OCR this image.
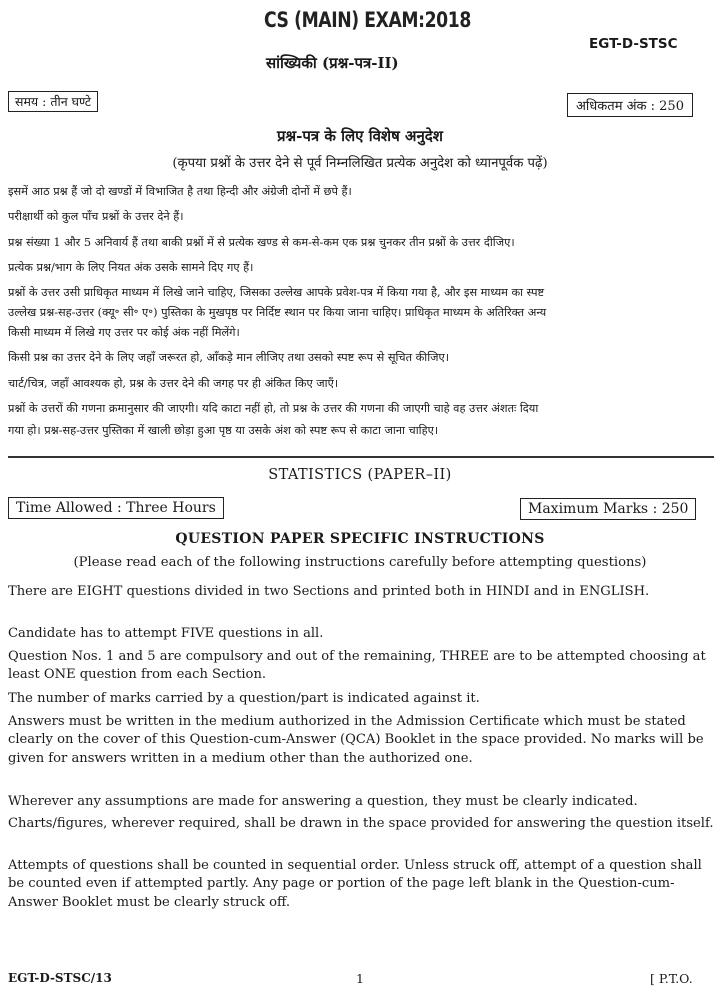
CS (MAIN) EXAM:2018
EGT-D-STSC
सांख्यिकी (प्रश्न-पत्र-II)
समय : तीन घण्टे	अधिकतम अंक : 250
प्रश्न-पत्र के लिए विशेष अनुदेश
(कृपया प्रश्नों के उत्तर देने से पूर्व निम्नलिखित प्रत्येक अनुदेश को ध्यानपूर्वक पढ़ें)
इसमें आठ प्रश्न हैं जो दो खण्डों में विभाजित है तथा हिन्दी और अंग्रेजी दोनों में छपे हैं।
परीक्षार्थी को कुल पाँच प्रश्नों के उत्तर देने हैं।
प्रश्न संख्या 1 और 5 अनिवार्य हैं तथा बाकी प्रश्नों में से प्रत्येक खण्ड से कम-से-कम एक प्रश्न चुनकर तीन प्रश्नों के उत्तर दीजिए।
प्रत्येक प्रश्न/भाग के लिए नियत अंक उसके सामने दिए गए हैं।
प्रश्नों के उत्तर उसी प्राधिकृत माध्यम में लिखे जाने चाहिए, जिसका उल्लेख आपके प्रवेश-पत्र में किया गया है, और इस माध्यम का स्पष्ट
उल्लेख प्रश्न-सह-उत्तर (क्यू॰ सी॰ ए॰) पुस्तिका के मुखपृष्ठ पर निर्दिष्ट स्थान पर किया जाना चाहिए। प्राधिकृत माध्यम के अतिरिक्त अन्य
किसी माध्यम में लिखे गए उत्तर पर कोई अंक नहीं मिलेंगे।
किसी प्रश्न का उत्तर देने के लिए जहाँ जरूरत हो, आँकड़े मान लीजिए तथा उसको स्पष्ट रूप से सूचित कीजिए।
चार्ट/चित्र, जहाँ आवश्यक हो, प्रश्न के उत्तर देने की जगह पर ही अंकित किए जाएँ।
प्रश्नों के उत्तरों की गणना क्रमानुसार की जाएगी। यदि काटा नहीं हो, तो प्रश्न के उत्तर की गणना की जाएगी चाहे वह उत्तर अंशतः दिया
गया हो। प्रश्न-सह-उत्तर पुस्तिका में खाली छोड़ा हुआ पृष्ठ या उसके अंश को स्पष्ट रूप से काटा जाना चाहिए।
STATISTICS (PAPER–II)
Time Allowed : Three Hours	Maximum Marks : 250
QUESTION PAPER SPECIFIC INSTRUCTIONS
(Please read each of the following instructions carefully before attempting questions)
There are EIGHT questions divided in two Sections and printed both in HINDI and in ENGLISH.
Candidate has to attempt FIVE questions in all.
Question Nos. 1 and 5 are compulsory and out of the remaining, THREE are to be attempted choosing at least ONE question from each Section.
The number of marks carried by a question/part is indicated against it.
Answers must be written in the medium authorized in the Admission Certificate which must be stated clearly on the cover of this Question-cum-Answer (QCA) Booklet in the space provided. No marks will be given for answers written in a medium other than the authorized one.
Wherever any assumptions are made for answering a question, they must be clearly indicated.
Charts/figures, wherever required, shall be drawn in the space provided for answering the question itself.
Attempts of questions shall be counted in sequential order. Unless struck off, attempt of a question shall be counted even if attempted partly. Any page or portion of the page left blank in the Question-cum-Answer Booklet must be clearly struck off.
EGT-D-STSC/13	1	[ P.T.O.
